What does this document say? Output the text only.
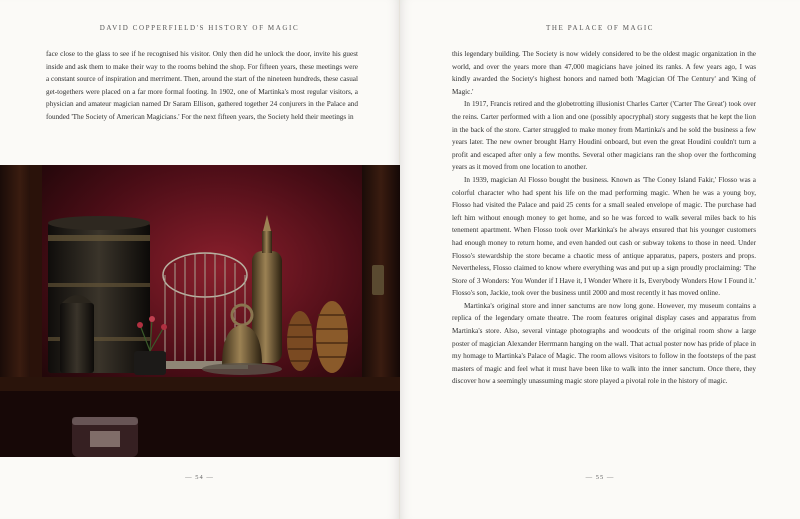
DAVID COPPERFIELD'S HISTORY OF MAGIC

face close to the glass to see if he recognised his visitor. Only then did he unlock the door, invite his guest inside and ask them to make their way to the rooms behind the shop. For fifteen years, these meetings were a constant source of inspiration and merriment. Then, around the start of the nineteen hundreds, these casual get-togethers were placed on a far more formal footing. In 1902, one of Martinka's most regular visitors, a physician and amateur magician named Dr Saram Ellison, gathered together 24 conjurers in the Palace and founded 'The Society of American Magicians.' For the next fifteen years, the Society held their meetings in

— 54 —
THE PALACE OF MAGIC

this legendary building. The Society is now widely considered to be the oldest magic organization in the world, and over the years more than 47,000 magicians have joined its ranks. A few years ago, I was kindly awarded the Society's highest honors and named both 'Magician Of The Century' and 'King of Magic.'

In 1917, Francis retired and the globetrotting illusionist Charles Carter ('Carter The Great') took over the reins. Carter performed with a lion and one (possibly apocryphal) story suggests that he kept the lion in the back of the store. Carter struggled to make money from Martinka's and he sold the business a few years later. The new owner brought Harry Houdini onboard, but even the great Houdini couldn't turn a profit and escaped after only a few months. Several other magicians ran the shop over the forthcoming years as it moved from one location to another.

In 1939, magician Al Flosso bought the business. Known as 'The Coney Island Fakir,' Flosso was a colorful character who had spent his life on the mad performing magic. When he was a young boy, Flosso had visited the Palace and paid 25 cents for a small sealed envelope of magic. The purchase had left him without enough money to get home, and so he was forced to walk several miles back to his tenement apartment. When Flosso took over Markinka's he always ensured that his younger customers had enough money to return home, and even handed out cash or subway tokens to those in need. Under Flosso's stewardship the store became a chaotic mess of antique apparatus, papers, posters and props. Nevertheless, Flosso claimed to know where everything was and put up a sign proudly proclaiming: 'The Store of 3 Wonders: You Wonder if I Have it, I Wonder Where it Is, Everybody Wonders How I Found it.' Flosso's son, Jackie, took over the business until 2000 and most recently it has moved online.

Martinka's original store and inner sanctums are now long gone. However, my museum contains a replica of the legendary ornate theatre. The room features original display cases and apparatus from Martinka's store. Also, several vintage photographs and woodcuts of the original room show a large poster of magician Alexander Herrmann hanging on the wall. That actual poster now has pride of place in my homage to Martinka's Palace of Magic. The room allows visitors to follow in the footsteps of the past masters of magic and feel what it must have been like to walk into the inner sanctum. Once there, they discover how a seemingly unassuming magic store played a pivotal role in the history of magic.

— 55 —
